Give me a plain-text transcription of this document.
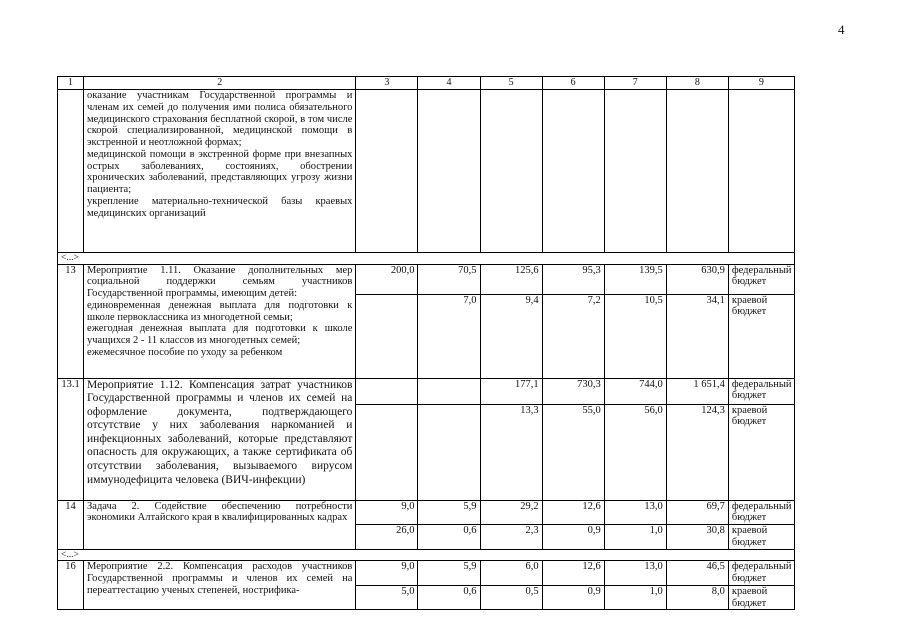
4
1	2	3	4	5	6	7	8	9

	оказание участникам Государственной программы и членам их семей до получения ими полиса обязательного медицинского страхования бесплатной скорой, в том числе скорой специализированной, медицинской помощи в экстренной и неотложной формах;
медицинской помощи в экстренной форме при внезапных острых заболеваниях, состояниях, обострении хронических заболеваний, представляющих угрозу жизни пациента;
укрепление материально-технической базы краевых медицинских организаций							

<...>								
13	Мероприятие 1.11. Оказание дополнительных мер социальной поддержки семьям участников Государственной программы, имеющим детей:
единовременная денежная выплата для подготовки к школе первоклассника из многодетной семьи;
ежегодная денежная выплата для подготовки к школе учащихся 2 - 11 классов из многодетных семей;
ежемесячное пособие по уходу за ребенком	200,0	70,5	125,6	95,3	139,5	630,9	федеральный бюджет
			7,0	9,4	7,2	10,5	34,1	краевой бюджет
13.1	Мероприятие 1.12. Компенсация затрат участников Государственной программы и членов их семей на оформление документа, подтверждающего отсутствие у них заболевания наркоманией и инфекционных заболеваний, которые представляют опасность для окружающих, а также сертификата об отсутствии заболевания, вызываемого вирусом иммунодефицита человека (ВИЧ-инфекции)			177,1	730,3	744,0	1 651,4	федеральный бюджет
				13,3	55,0	56,0	124,3	краевой бюджет
14	Задача 2. Содействие обеспечению потребности экономики Алтайского края в квалифицированных кадрах	9,0	5,9	29,2	12,6	13,0	69,7	федеральный бюджет
		26,0	0,6	2,3	0,9	1,0	30,8	краевой бюджет
<...>								
16	Мероприятие 2.2. Компенсация расходов участников Государственной программы и членов их семей на переаттестацию ученых степеней, нострифика-	9,0	5,9	6,0	12,6	13,0	46,5	федеральный бюджет
		5,0	0,6	0,5	0,9	1,0	8,0	краевой бюджет
